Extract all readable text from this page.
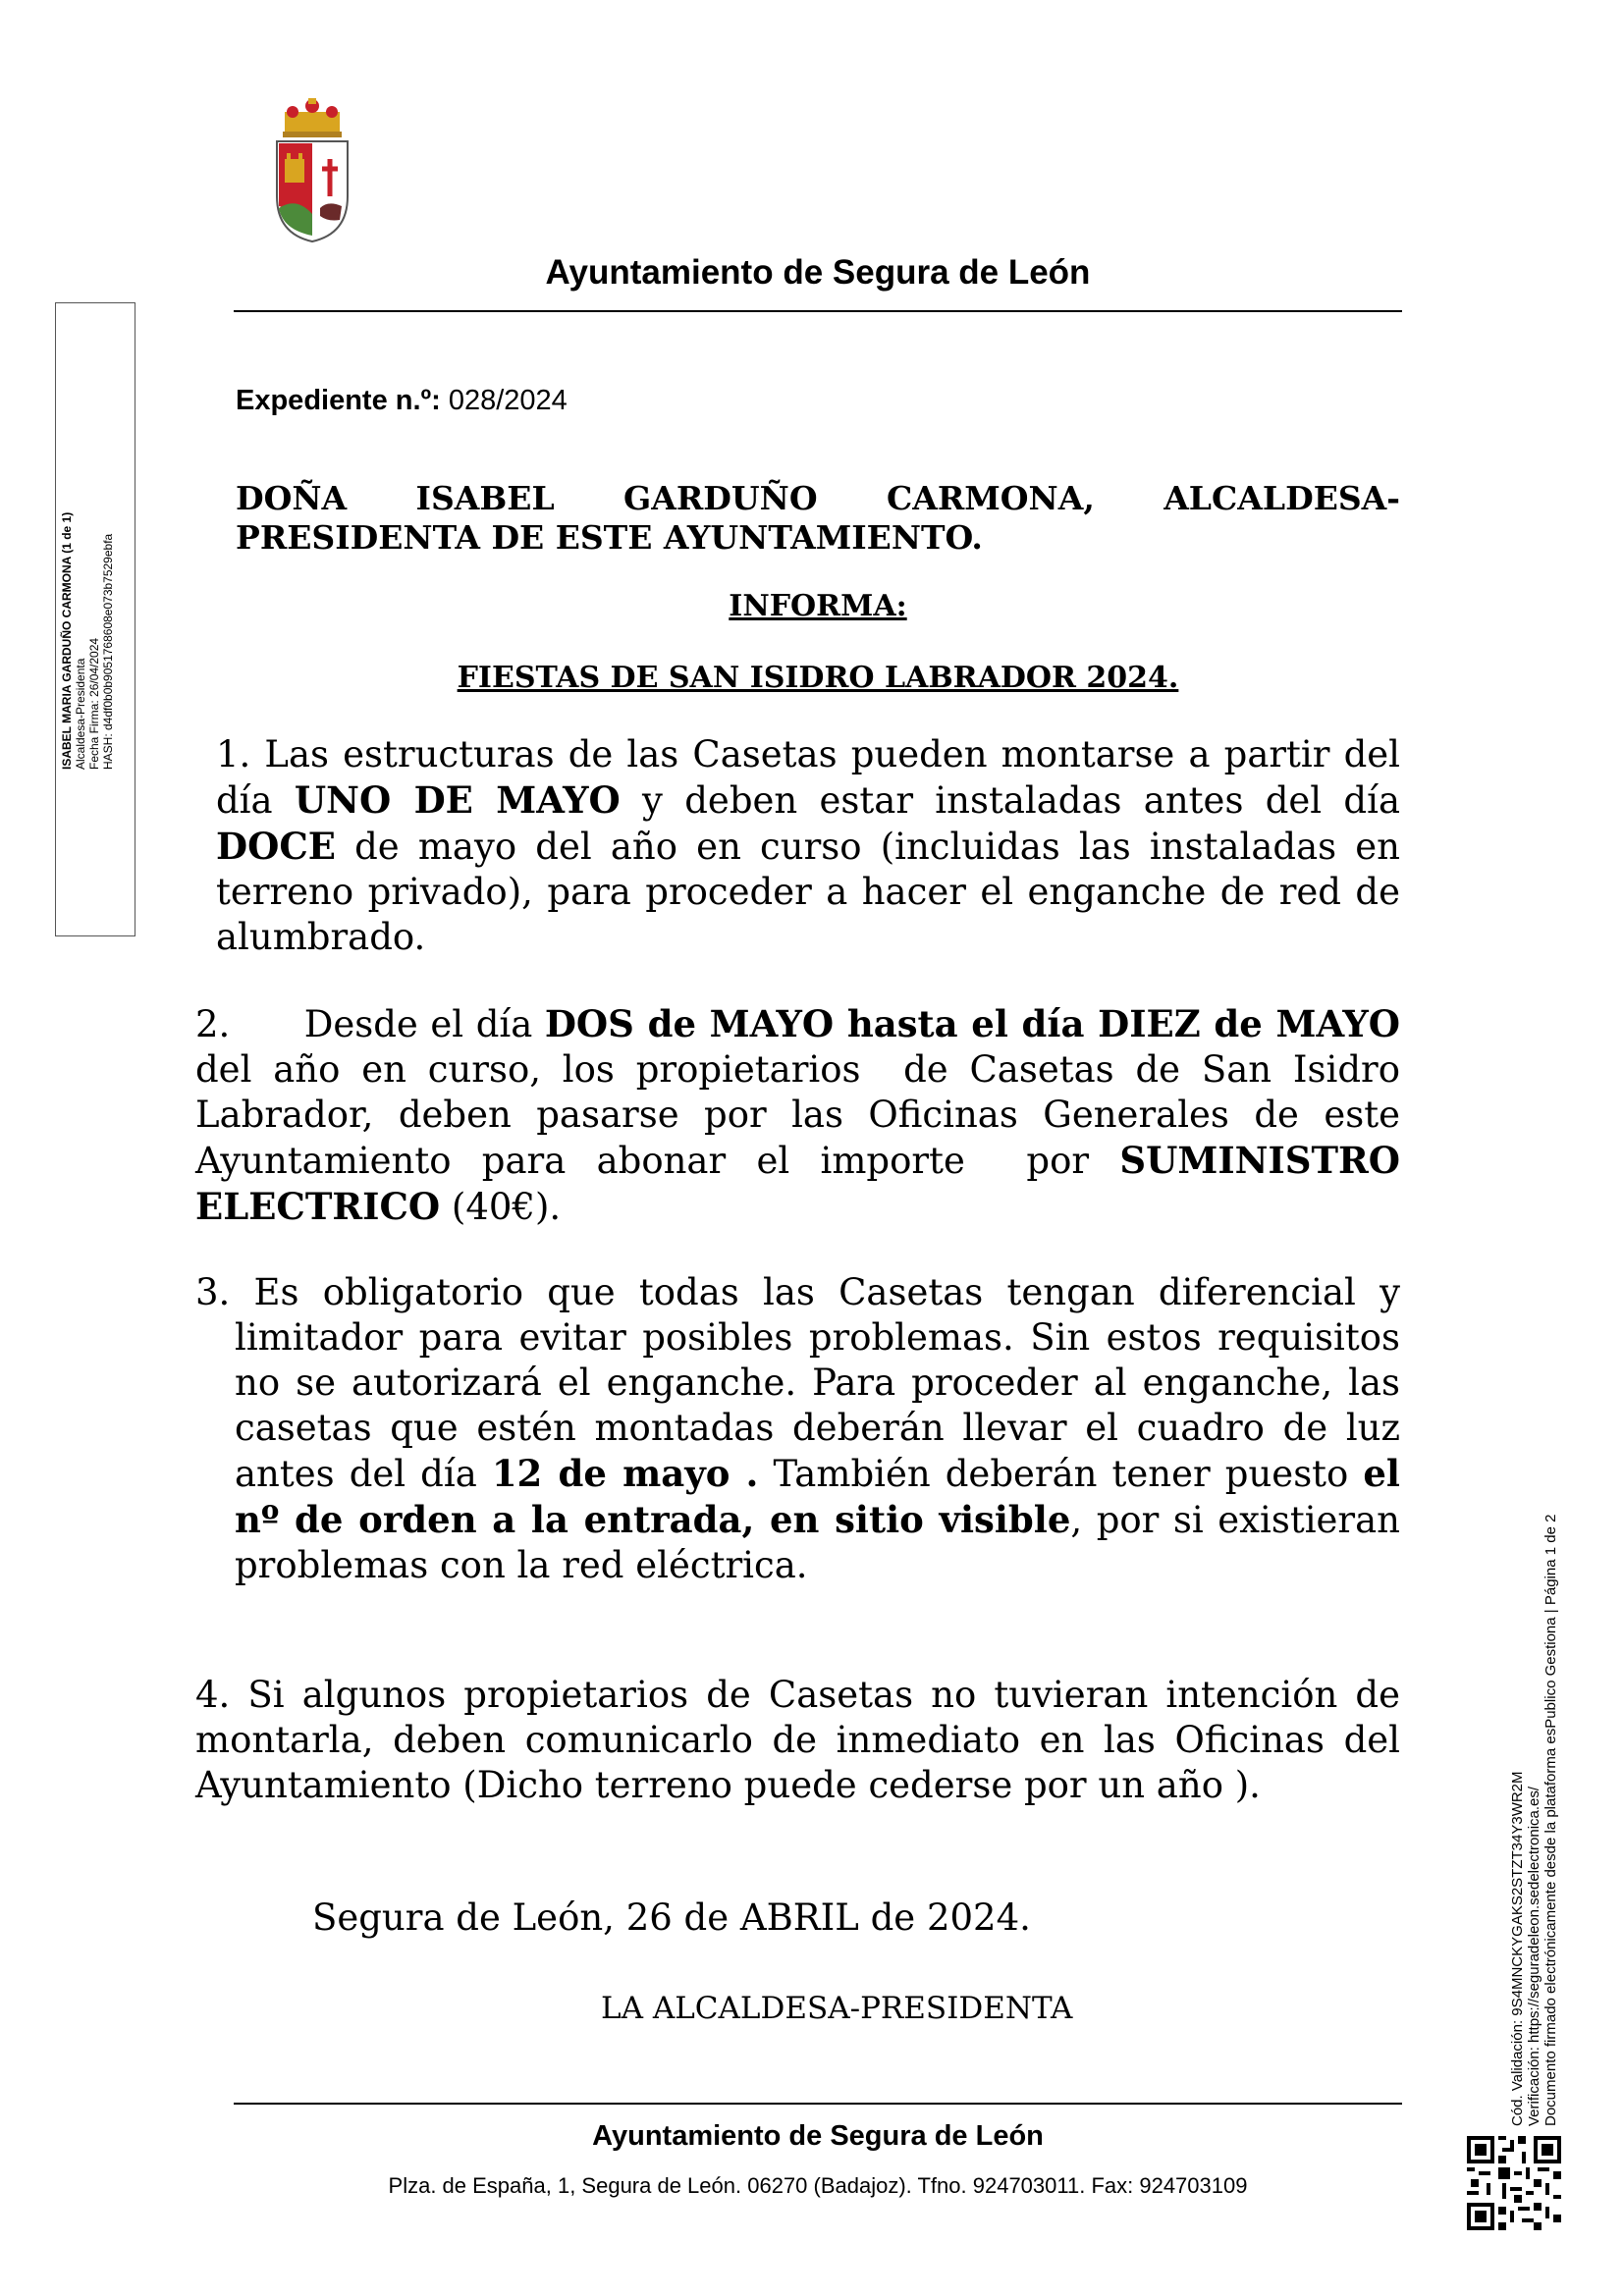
Ayuntamiento de Segura de León
ISABEL MARIA GARDUÑO CARMONA (1 de 1) Alcaldesa-Presidenta Fecha Firma: 26/04/2024 HASH: d4df0b0b9051768608e073b7529ebfa
Expediente n.º: 028/2024
DOÑA ISABEL GARDUÑO CARMONA, ALCALDESA-
PRESIDENTA DE ESTE AYUNTAMIENTO.
INFORMA:
FIESTAS DE SAN ISIDRO LABRADOR 2024.
1. Las estructuras de las Casetas pueden montarse a partir del día UNO DE MAYO y deben estar instaladas antes del día DOCE de mayo del año en curso (incluidas las instaladas en terreno privado), para proceder a hacer el enganche de red de alumbrado.
2.      Desde el día DOS de MAYO hasta el día DIEZ de MAYO del año en curso, los propietarios  de Casetas de San Isidro Labrador, deben pasarse por las Oficinas Generales de este Ayuntamiento para abonar el importe  por SUMINISTRO ELECTRICO (40€).
3. Es obligatorio que todas las Casetas tengan diferencial y
limitador para evitar posibles problemas. Sin estos requisitos no se autorizará el enganche. Para proceder al enganche, las casetas que estén montadas deberán llevar el cuadro de luz antes del día 12 de mayo . También deberán tener puesto el nº de orden a la entrada, en sitio visible, por si existieran problemas con la red eléctrica.
4. Si algunos propietarios de Casetas no tuvieran intención de montarla, deben comunicarlo de inmediato en las Oficinas del Ayuntamiento (Dicho terreno puede cederse por un año ).
Segura de León, 26 de ABRIL de 2024.
LA ALCALDESA-PRESIDENTA
Ayuntamiento de Segura de León
Plza. de España, 1, Segura de León. 06270 (Badajoz). Tfno. 924703011. Fax: 924703109
Cód. Validación: 9S4MNCKYGAKS2STZT34Y3WR2M Verificación: https://seguradeleon.sedelectronica.es/ Documento firmado electrónicamente desde la plataforma esPublico Gestiona | Página 1 de 2
